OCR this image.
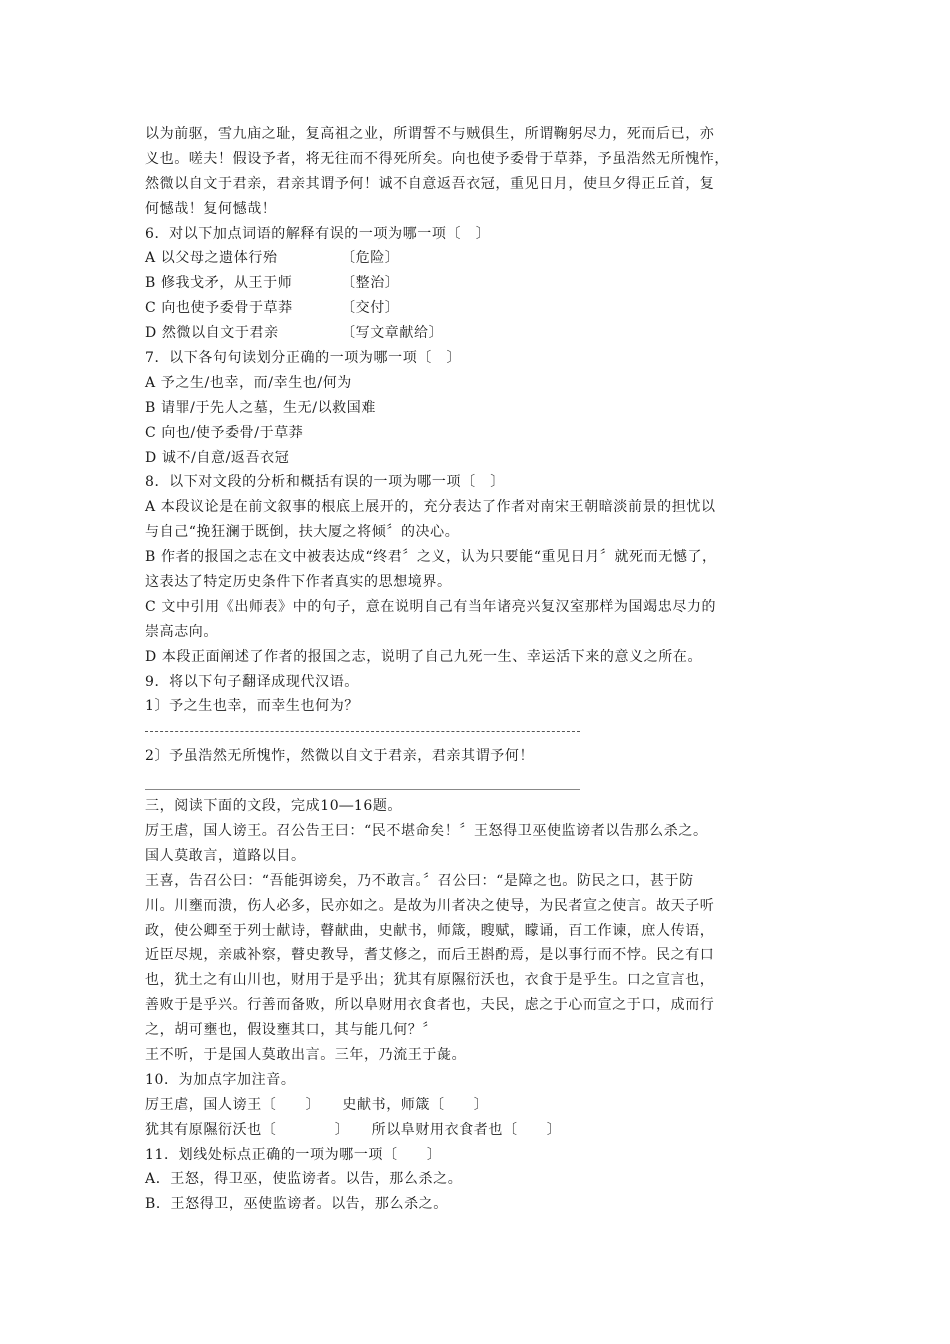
以为前驱，雪九庙之耻，复高祖之业，所谓誓不与贼俱生，所谓鞠躬尽力，死而后已，亦
义也。嗟夫！假设予者，将无往而不得死所矣。向也使予委骨于草莽，予虽浩然无所愧怍，
然微以自文于君亲，君亲其谓予何！诚不自意返吾衣冠，重见日月，使旦夕得正丘首，复
何憾哉！复何憾哉！
6．对以下加点词语的解释有误的一项为哪一项〔　〕
A 以父母之遗体行殆	〔危险〕
B 修我戈矛，从王于师	〔整治〕
C 向也使予委骨于草莽	〔交付〕
D 然微以自文于君亲	〔写文章献给〕
7．以下各句句读划分正确的一项为哪一项〔　〕
A 予之生/也幸，而/幸生也/何为
B 请罪/于先人之墓，生无/以救国难
C 向也/使予委骨/于草莽
D 诚不/自意/返吾衣冠
8．以下对文段的分析和概括有误的一项为哪一项〔　〕
A 本段议论是在前文叙事的根底上展开的，充分表达了作者对南宋王朝暗淡前景的担忧以
与自己“挽狂澜于既倒，扶大厦之将倾〞的决心。
B 作者的报国之志在文中被表达成“终君〞之义，认为只要能“重见日月〞就死而无憾了，
这表达了特定历史条件下作者真实的思想境界。
C 文中引用《出师表》中的句子，意在说明自己有当年诸亮兴复汉室那样为国竭忠尽力的
崇高志向。
D 本段正面阐述了作者的报国之志，说明了自己九死一生、幸运活下来的意义之所在。
9．将以下句子翻译成现代汉语。
1〕予之生也幸，而幸生也何为？
2〕予虽浩然无所愧怍，然微以自文于君亲，君亲其谓予何！
三，阅读下面的文段，完成10―16题。
厉王虐，国人谤王。召公告王曰：“民不堪命矣！〞王怒得卫巫使监谤者以告那么杀之。
国人莫敢言，道路以目。
王喜，告召公曰：“吾能弭谤矣，乃不敢言。〞召公曰：“是障之也。防民之口，甚于防
川。川壅而溃，伤人必多，民亦如之。是故为川者决之使导，为民者宣之使言。故天子听
政，使公卿至于列士献诗，瞽献曲，史献书，师箴，瞍赋，矇诵，百工作谏，庶人传语，
近臣尽规，亲戚补察，瞽史教导，耆艾修之，而后王斟酌焉，是以事行而不悖。民之有口
也，犹土之有山川也，财用于是乎出；犹其有原隰衍沃也，衣食于是乎生。口之宣言也，
善败于是乎兴。行善而备败，所以阜财用衣食者也，夫民，虑之于心而宣之于口，成而行
之，胡可壅也，假设壅其口，其与能几何？〞
王不听，于是国人莫敢出言。三年，乃流王于彘。
10．为加点字加注音。
厉王虐，国人谤王〔　　〕　　史献书，师箴〔　　〕
犹其有原隰衍沃也〔　　　　〕　　所以阜财用衣食者也〔　　〕
11．划线处标点正确的一项为哪一项〔　　〕
A．王怒，得卫巫，使监谤者。以告，那么杀之。
B．王怒得卫，巫使监谤者。以告，那么杀之。
